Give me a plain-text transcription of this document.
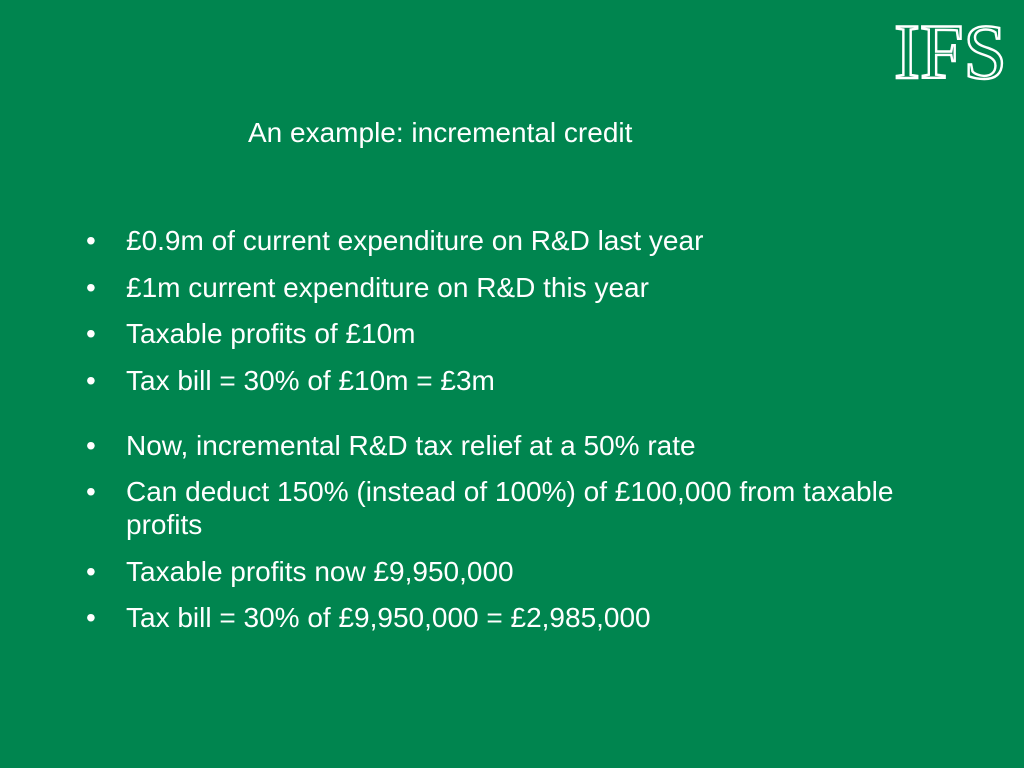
IFS
An example: incremental credit
•	£0.9m of current expenditure on R&D last year
•	£1m current expenditure on R&D this year
•	Taxable profits of £10m
•	Tax bill = 30% of £10m = £3m
•	Now, incremental R&D tax relief at a 50% rate
•	Can deduct 150% (instead of 100%) of £100,000 from taxable profits
•	Taxable profits now £9,950,000
•	Tax bill = 30% of £9,950,000 = £2,985,000
